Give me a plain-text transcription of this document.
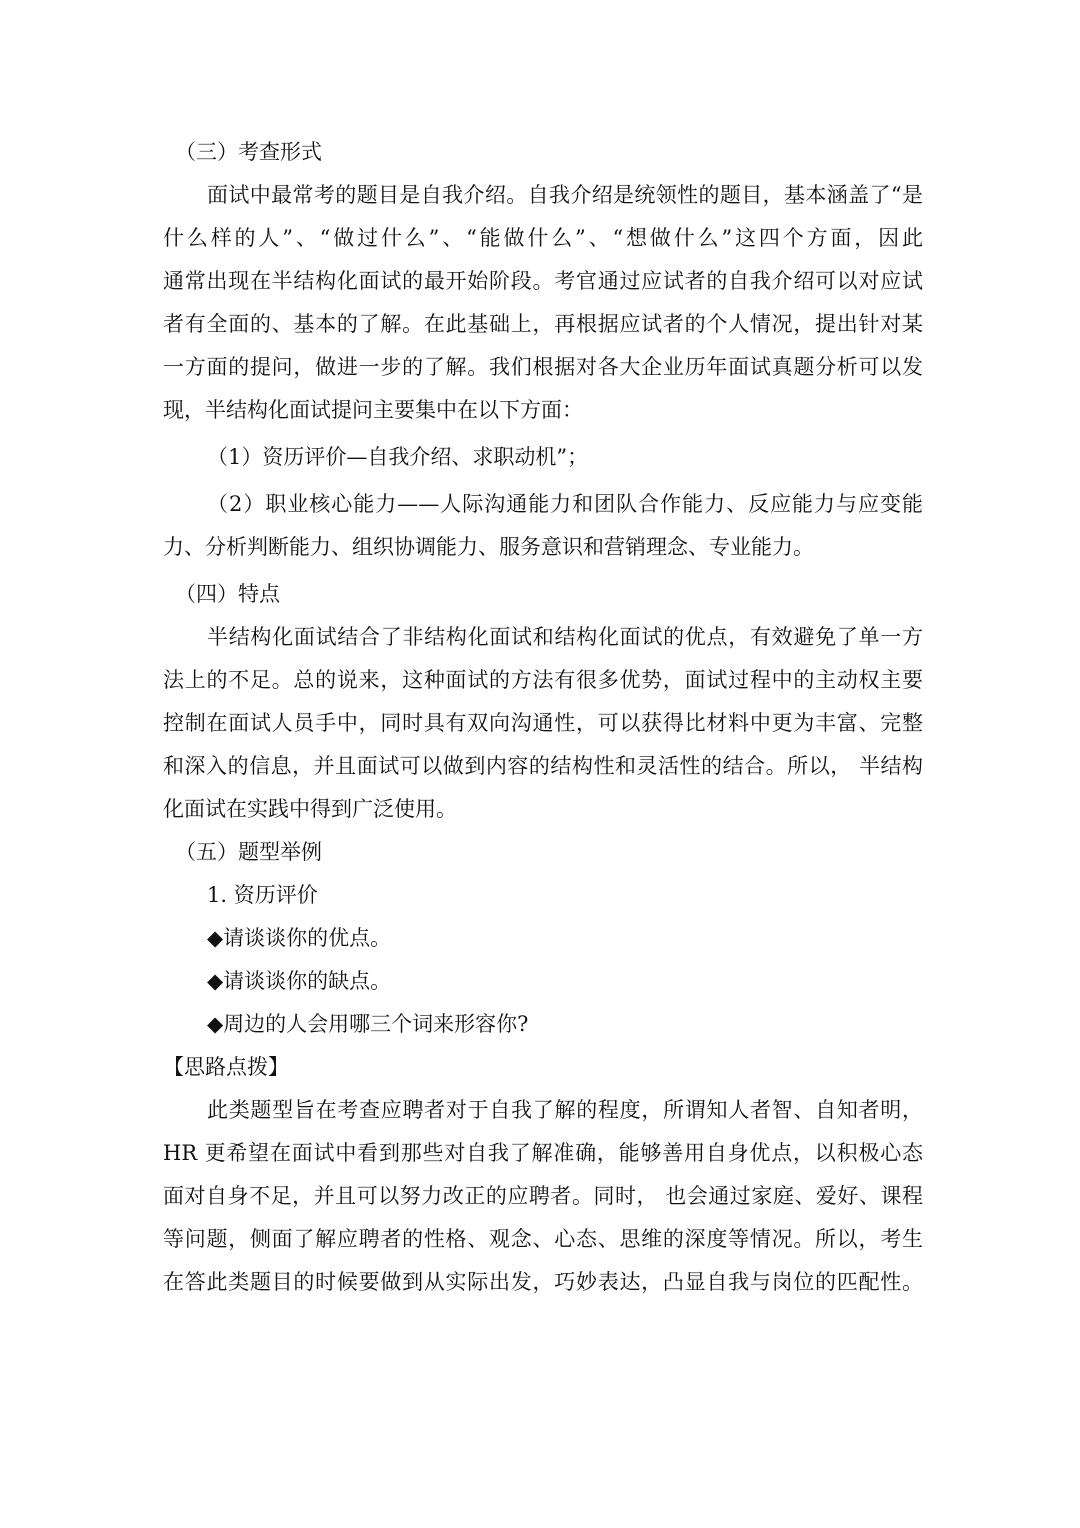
（三）考查形式
面试中最常考的题目是自我介绍。自我介绍是统领性的题目，基本涵盖了“是
什么样的人”、“做过什么”、“能做什么”、“想做什么”这四个方面，因此
通常出现在半结构化面试的最开始阶段。考官通过应试者的自我介绍可以对应试
者有全面的、基本的了解。在此基础上，再根据应试者的个人情况，提出针对某
一方面的提问，做进一步的了解。我们根据对各大企业历年面试真题分析可以发
现，半结构化面试提问主要集中在以下方面：
（1）资历评价—自我介绍、求职动机”；
（2）职业核心能力——人际沟通能力和团队合作能力、反应能力与应变能
力、分析判断能力、组织协调能力、服务意识和营销理念、专业能力。
（四）特点
半结构化面试结合了非结构化面试和结构化面试的优点，有效避免了单一方
法上的不足。总的说来，这种面试的方法有很多优势，面试过程中的主动权主要
控制在面试人员手中，同时具有双向沟通性，可以获得比材料中更为丰富、完整
和深入的信息，并且面试可以做到内容的结构性和灵活性的结合。所以， 半结构
化面试在实践中得到广泛使用。
（五）题型举例
1. 资历评价
◆请谈谈你的优点。
◆请谈谈你的缺点。
◆周边的人会用哪三个词来形容你?
【思路点拨】
此类题型旨在考查应聘者对于自我了解的程度，所谓知人者智、自知者明，
HR 更希望在面试中看到那些对自我了解准确，能够善用自身优点，以积极心态
面对自身不足，并且可以努力改正的应聘者。同时， 也会通过家庭、爱好、课程
等问题，侧面了解应聘者的性格、观念、心态、思维的深度等情况。所以，考生
在答此类题目的时候要做到从实际出发，巧妙表达，凸显自我与岗位的匹配性。
